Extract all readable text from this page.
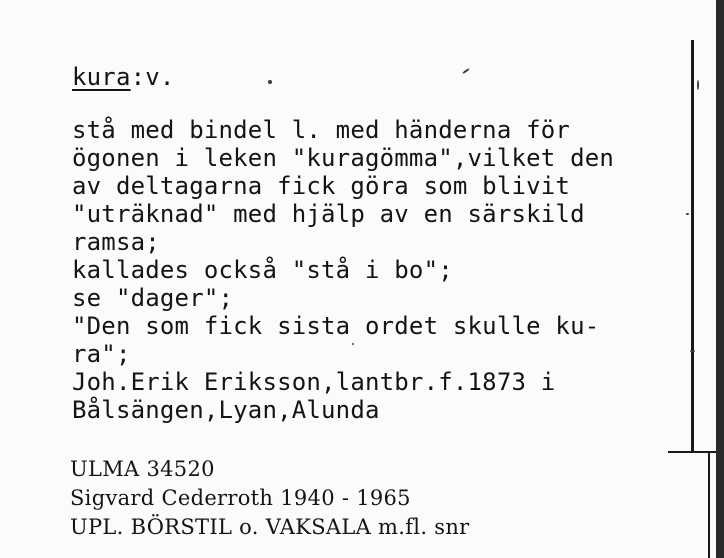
kura:v.
stå med bindel l. med händerna för
ögonen i leken "kuragömma",vilket den
av deltagarna fick göra som blivit
"uträknad" med hjälp av en särskild
ramsa;
kallades också "stå i bo";
se "dager";
"Den som fick sista ordet skulle ku-
ra";
Joh.Erik Eriksson,lantbr.f.1873 i
Bålsängen,Lyan,Alunda
ULMA 34520
Sigvard Cederroth 1940 - 1965
UPL. BÖRSTIL o. VAKSALA m.fl. snr
